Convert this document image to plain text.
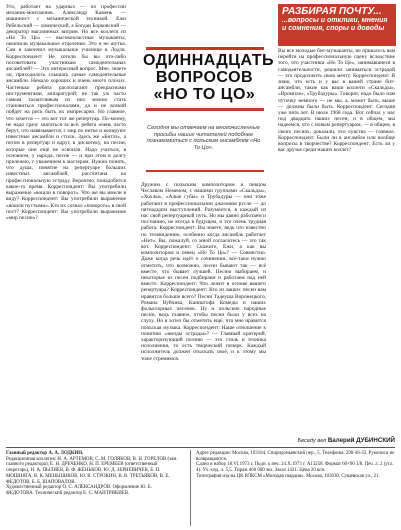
Уго, работает на ударных — по профессии механик-монтажник. Александр Камень — машинист с механической техникой. Ежи Ребельский — химический, а Богдан Борковский — декоратор магазинных витрин. Но все коллеги из «Но То Цо» — высококлассные музыканты, окончили музыкальное отделение. Это и не шутка. Сам я закончил музыкальное училище в Лодзи. Корреспондент: Не хотели бы вы что-либо посоветовать участникам самодеятельных ансамблей? — Это интересный вопрос. Мне, знаете ли, приходилось слышать самые самодеятельные ансамбли. Немало хороших и очень много плохих. Частенько ребята располагают прекрасными инструментами, аппаратурой; не так уж часто самым талантливым из них можно стать становиться профессионалами, да и не всякий пойдёт на риск быть их импресарио. Но главное, что хочется — это вот тот же репертуар. По-моему, не надо сразу хвататься за всё, ребята очень часто берут, что навязывается, с мир по нитке и копируют известные ансамбли и стили. Здесь же «Битлз», а потом в репертуар и вдруг, в дискотеку, на песни, которые они ещё не освоили. Надо учиться, в основном, у народа, песне — и при этом в долгу прилежно, с уважением к мастерам. Нужно понять, что душа, понятие на репертуаре больших известных ансамблей, рассчитана на профессиональную эстраду. Вероятно, понадобится какое-то время. Корреспондент: Вы употребили выражение «вошли в поворот». Что же вы имели в виду? Корреспондент: Вы употребили выражение «вошли пустыми». Кто их сознал «поворота» в свой пост? Корреспондент: Вы употребили выражение «мир песни»?

ОДИННАДЦАТЬ
ВОПРОСОВ
«НО ТО ЦО»
Сегодня мы отвечаем на многочисленные просьбы наших читателей подобнее познакомиться с польским ансамблем «Но То Цо».

Дружим с польским композитором и певцом Чеславом Неменом, с нашими группами «Скальды», «Хохлы», «Алые губы» и Трубадуры — они тоже работают в профессиональном джазовом русле — до пятнадцати выступлений. Разумеется, в каждый из нас свой репертуарный путь. Но мы давно работаем и постоянно, не всегда в будущем, и это очень трудная работа. Корреспондент: Вы знаете, ведь что известно по телевидению, особенно когда ансамбль работает «Нет». Вы, пожалуй, со мной согласитесь — это так вот. Корреспондент: Скажите, Ежи, а как вы композитором и певец «Но То Цо»? — Совместно. Даже когда речь идёт о сочинении, всё-таки нужно отметить, что возможно, песни бывают так — всё вместе, что бывает лучшей. Песню выбираем, и некоторые из песен подбираем и работаем над ней вместе. Корреспондент: Что лежит в основе вашего репертуара? Корреспондент: Кто из ваших песен вам нравится больше всего? Песни Тадеуша Воронецкого, Романа Вуйчика, Кшиштофа Комеды и наших фольклорных песенок. Ну и польские народные песни, ведь главное, чтобы песни были у всех на слуху. Но я хотел бы отметить ещё, что мне нравится польская музыка. Корреспондент: Наше отношение к понятию «звезды эстрады»? — Главный критерий, характеризующий поэзию — это стиль и техника исполнения, то есть творческий почерк. Каждый исполнитель должен отыскать своё, и к этому мы тоже стремимся.

РАЗБИРАЯ ПОЧТУ...
...вопросы и отклики, мнения и сомнения, споры и доводы

Вы все молодые бит-музыканты, не пришлось вам перейти на профессиональную сцену вследствие того, что участники «Но То Цо», занимавшиеся в самодеятельности, решили заниматься эстрадой — это продолжить свою мечту. Корреспондент: Я знаю, что есть и у вас в вашей стране бит-ансамбли, такие как ваши коллеги «Скальды», «Вромпле», «Трубадуры». Говорят, надо было нам чуточку немного — не мы, а, может быть, выше — должны были быть. Корреспондент: Сегодня уже пять лет. В июле 1968 года. Вот сейчас у нас под двадцать наших песен, и в общем, мы надеемся, что с новым репертуаром, — в общем, в своих песнях, доказали, что чувства — главное. Корреспондент: Были ли в ансамбле или вообще вопросы в творчестве? Корреспондент: Есть ли у вас друзья среди наших коллег?

Беседу вел Валерий ДУБИНСКИЙ
Главный редактор А. А. ЛОДКИН.
Редакционная коллегия: Н. А. АРТЕМОВ, С. М. ГОЛЯКОВ, В. Н. ГОРЕЛОВ (зам. главного редактора), Е. Н. ДРЕЧЕНКО, Н. П. ЕРЕМЕЕВ (ответственный секретарь), Н. А. ПЫЛЯЕВ, В. Ф. ЖЕНЬКОВ, Ю. Д. ЗЕРНЕВИЧЕВ, Б. П. МОШНЯГА, В. К. МЕНЬШИКОВ, Ю. В. СТРОКИН, В. В. ТРЕТЬЯКОВ, В. Е. ФЕДОТОВ, Б. Б. ШАПОВАЛОВ.
Художественный редактор О. С. АЛЕКСАНДРОВ. Оформление Ю. Б. ФЕДОТОВА. Технический редактор Е. С. МАНТРИКИЕВ.
Адрес редакции: Москва, 103104, Спиридоньевский пер., 5. Телефоны: 290-36-33. Рукописи не возвращаются.
Сдано в набор 18.VI.1973 г. Подп. к печ. 24.X.1973 г. А13258. Формат 60×90 1/8. Печ. л. 2 (усл. 4). Уч.-изд. л. 5,5. Тираж 460 000 экз. Заказ 1421. Цена 20 коп.
Типография изд-ва ЦК ВЛКСМ «Молодая гвардия». Москва, 103030, Сущевская ул., 21.
